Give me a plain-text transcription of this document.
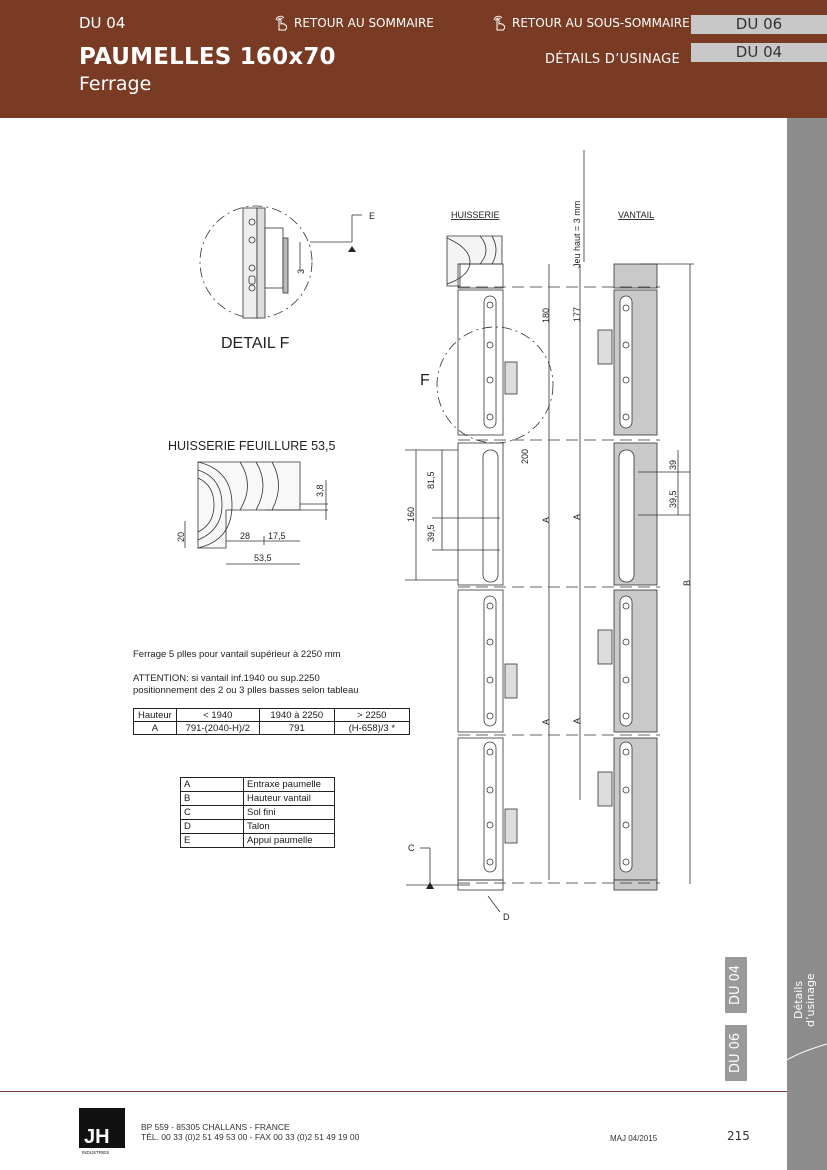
DU 04
PAUMELLES 160x70
Ferrage
RETOUR AU SOMMAIRE	RETOUR AU SOUS-SOMMAIRE
DÉTAILS D’USINAGE
DU 06
DU 04
Détails d’usinage
DU 04
DU 06
DETAIL F
3
E
HUISSERIE FEUILLURE 53,5
3,8
20	28 17,5
53,5
HUISSERIE	VANTAIL
Jeu haut = 3 mm
F
180 177
200
81,5
160
39,5
39
39,5
A A
A A
B
C
D
Ferrage 5 plles pour vantail supérieur à 2250 mm
ATTENTION: si vantail inf.1940 ou sup.2250
positionnement des 2 ou 3 plles basses selon tableau
Hauteur	< 1940	1940 à 2250	> 2250
A	791-(2040-H)/2	791	(H-658)/3 *
A	Entraxe paumelle
B	Hauteur vantail
C	Sol fini
D	Talon
E	Appui paumelle
JH
INDUSTRIES
BP 559 - 85305 CHALLANS - FRANCE
TÉL. 00 33 (0)2 51 49 53 00 - FAX 00 33 (0)2 51 49 19 00	MAJ 04/2015	215
